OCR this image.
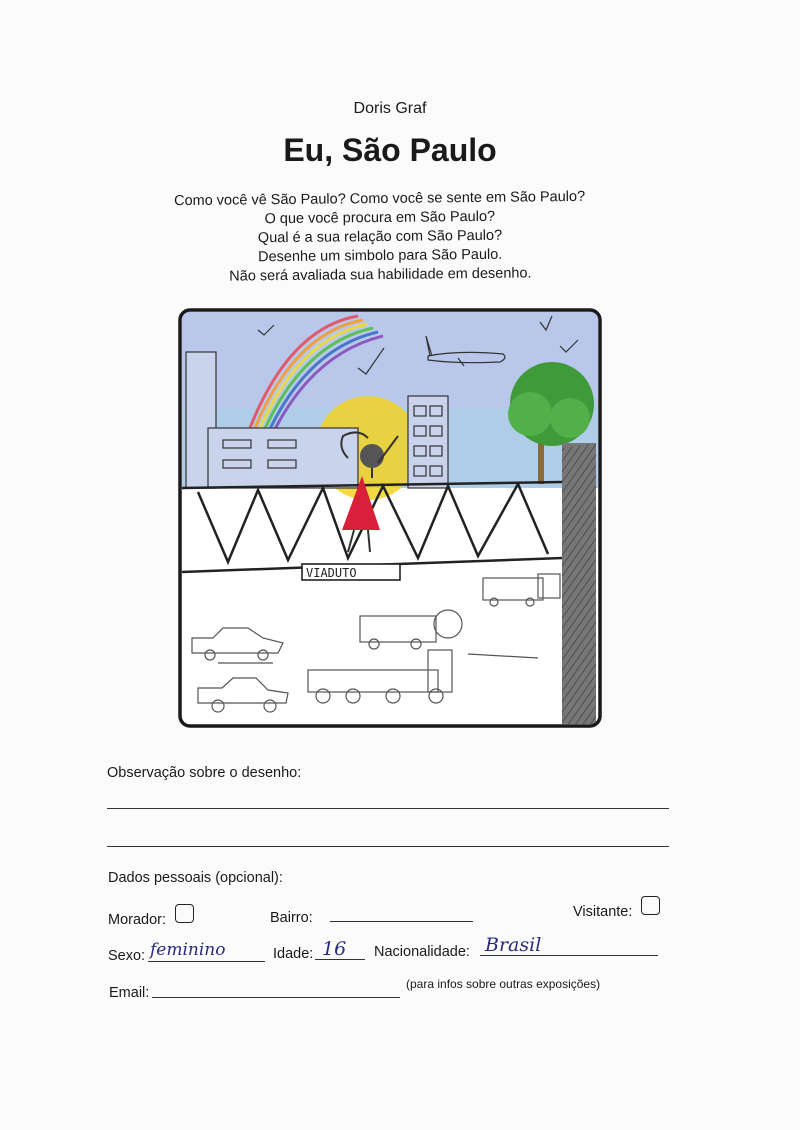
Doris Graf
Eu, São Paulo
Como você vê São Paulo? Como você se sente em São Paulo?
O que você procura em São Paulo?
Qual é a sua relação com São Paulo?
Desenhe um simbolo para São Paulo.
Não será avaliada sua habilidade em desenho.
VIADUTO
Observação sobre o desenho:
Dados pessoais (opcional):
Morador:	Bairro:	Visitante:
Sexo: feminino	Idade: 16 Nacionalidade: Brasil
Email:
(para infos sobre outras exposições)
